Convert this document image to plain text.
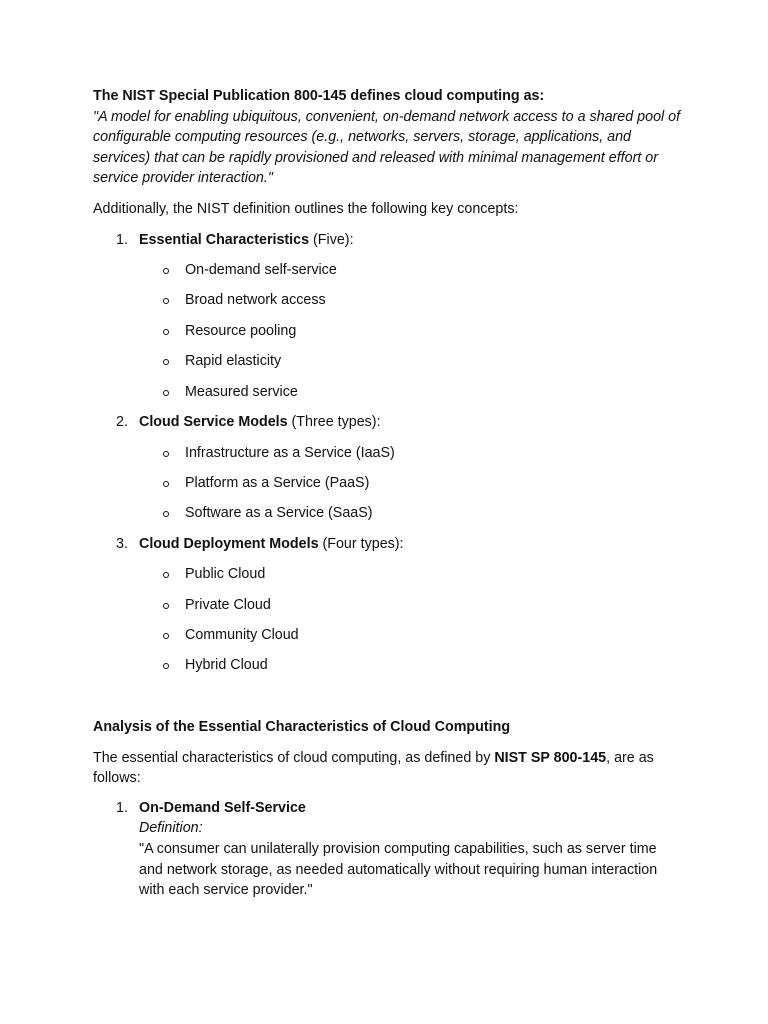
The NIST Special Publication 800-145 defines cloud computing as:

"A model for enabling ubiquitous, convenient, on-demand network access to a shared pool of configurable computing resources (e.g., networks, servers, storage, applications, and services) that can be rapidly provisioned and released with minimal management effort or service provider interaction."

Additionally, the NIST definition outlines the following key concepts:

1. Essential Characteristics (Five):
On-demand self-service
Broad network access
Resource pooling
Rapid elasticity
Measured service
2. Cloud Service Models (Three types):
Infrastructure as a Service (IaaS)
Platform as a Service (PaaS)
Software as a Service (SaaS)
3. Cloud Deployment Models (Four types):
Public Cloud
Private Cloud
Community Cloud
Hybrid Cloud

Analysis of the Essential Characteristics of Cloud Computing

The essential characteristics of cloud computing, as defined by NIST SP 800-145, are as follows:

1. On-Demand Self-Service
Definition:
"A consumer can unilaterally provision computing capabilities, such as server time and network storage, as needed automatically without requiring human interaction with each service provider."
